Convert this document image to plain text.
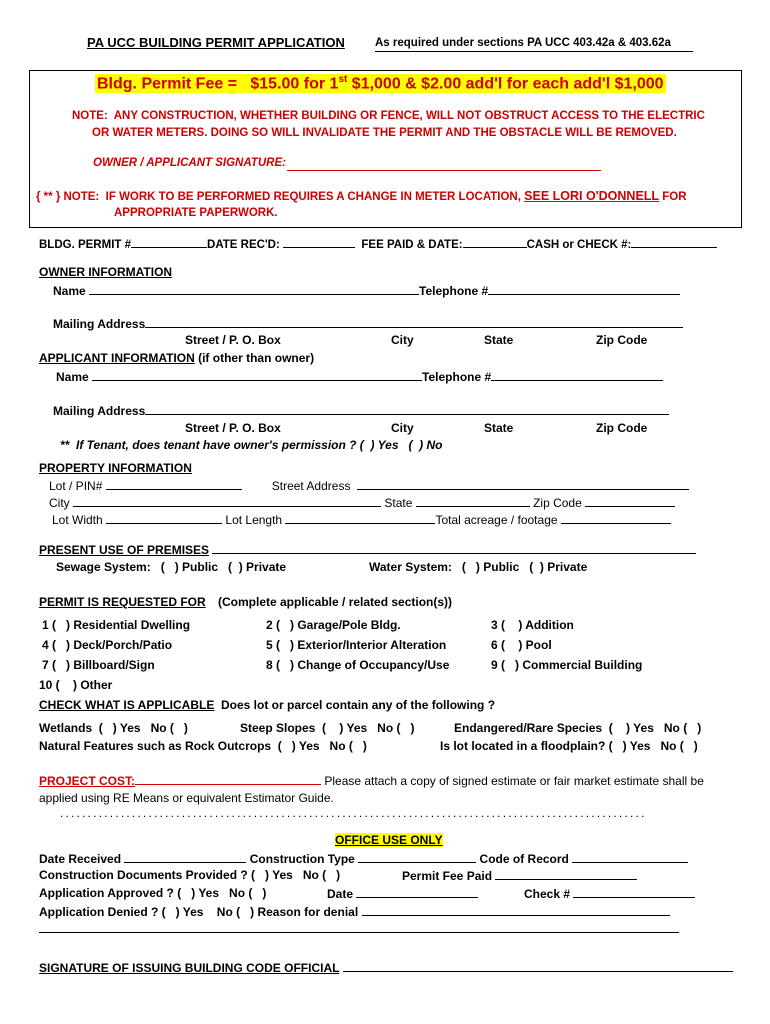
PA UCC BUILDING PERMIT APPLICATION	As required under sections PA UCC 403.42a & 403.62a
Bldg. Permit Fee =   $15.00 for 1st $1,000 & $2.00 add'l for each add'l $1,000
NOTE:  ANY CONSTRUCTION, WHETHER BUILDING OR FENCE, WILL NOT OBSTRUCT ACCESS TO THE ELECTRIC
OR WATER METERS. DOING SO WILL INVALIDATE THE PERMIT AND THE OBSTACLE WILL BE REMOVED.
OWNER / APPLICANT SIGNATURE:
{ ** } NOTE:  IF WORK TO BE PERFORMED REQUIRES A CHANGE IN METER LOCATION, SEE LORI O'DONNELL FOR
APPROPRIATE PAPERWORK.
BLDG. PERMIT #	DATE REC'D:	FEE PAID & DATE:	CASH or CHECK #:
OWNER INFORMATION
Name	Telephone #
Mailing Address
Street / P. O. Box	City	State	Zip Code
APPLICANT INFORMATION (if other than owner)
Name	Telephone #
Mailing Address
Street / P. O. Box	City	State	Zip Code
**  If Tenant, does tenant have owner's permission ? (  ) Yes   (  ) No
PROPERTY INFORMATION
Lot / PIN#	Street Address
City	State	Zip Code
Lot Width	Lot Length	Total acreage / footage
PRESENT USE OF PREMISES
Sewage System:   (   ) Public   (  ) Private	Water System:   (   ) Public   (  ) Private
PERMIT IS REQUESTED FOR (Complete applicable / related section(s))
1 (   ) Residential Dwelling	2 (   ) Garage/Pole Bldg.	3 (    ) Addition
4 (   ) Deck/Porch/Patio	5 (   ) Exterior/Interior Alteration	6 (    ) Pool
7 (   ) Billboard/Sign	8 (   ) Change of Occupancy/Use	9 (   ) Commercial Building
10 (    ) Other
CHECK WHAT IS APPLICABLE Does lot or parcel contain any of the following ?
Wetlands  (   ) Yes   No (   )	Steep Slopes  (    ) Yes   No (   )	Endangered/Rare Species  (    ) Yes   No (   )
Natural Features such as Rock Outcrops  (   ) Yes   No (   )	Is lot located in a floodplain? (   ) Yes   No (   )
PROJECT COST:	Please attach a copy of signed estimate or fair market estimate shall be
applied using RE Means or equivalent Estimator Guide.
..........................................................................................................
OFFICE USE ONLY
Date Received	Construction Type	Code of Record
Construction Documents Provided ? (   ) Yes   No (   )	Permit Fee Paid
Application Approved ? (   ) Yes   No (   )	Date	Check #
Application Denied ? (   ) Yes    No (   ) Reason for denial
SIGNATURE OF ISSUING BUILDING CODE OFFICIAL
